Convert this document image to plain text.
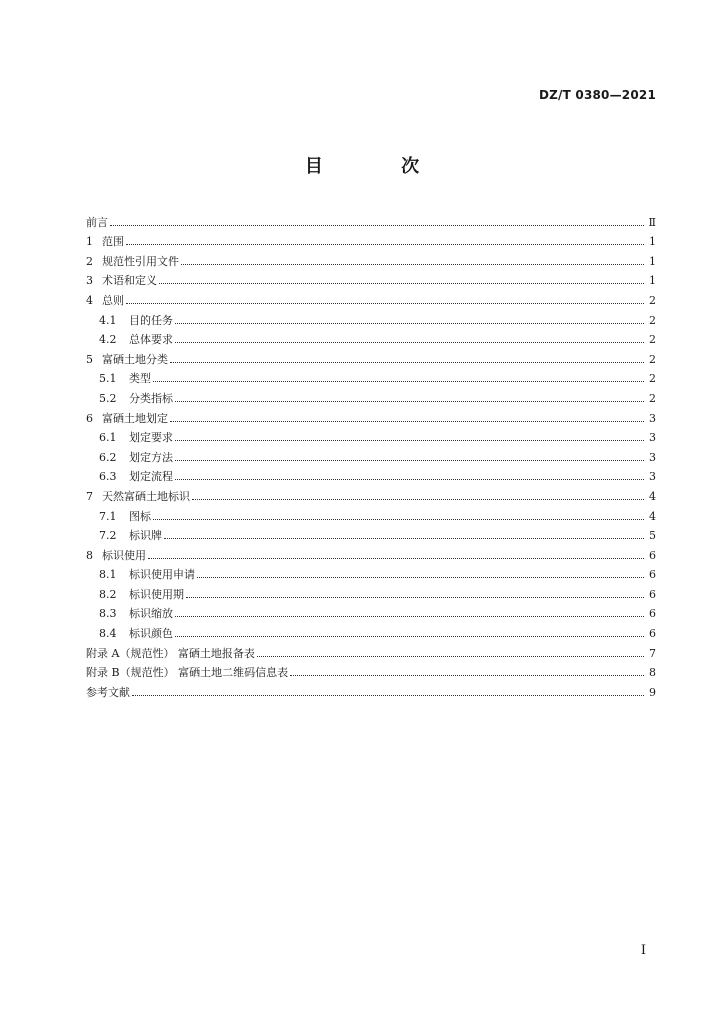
DZ/T 0380—2021
目 次
前言	Ⅱ
1 范围	1
2 规范性引用文件	1
3 术语和定义	1
4 总则	2
4.1	目的任务	2
4.2	总体要求	2
5 富硒土地分类	2
5.1	类型	2
5.2	分类指标	2
6 富硒土地划定	3
6.1	划定要求	3
6.2	划定方法	3
6.3	划定流程	3
7 天然富硒土地标识	4
7.1	图标	4
7.2	标识牌	5
8 标识使用	6
8.1	标识使用申请	6
8.2	标识使用期	6
8.3	标识缩放	6
8.4	标识颜色	6
附录 A（规范性） 富硒土地报备表	7
附录 B（规范性） 富硒土地二维码信息表	8
参考文献	9
I
